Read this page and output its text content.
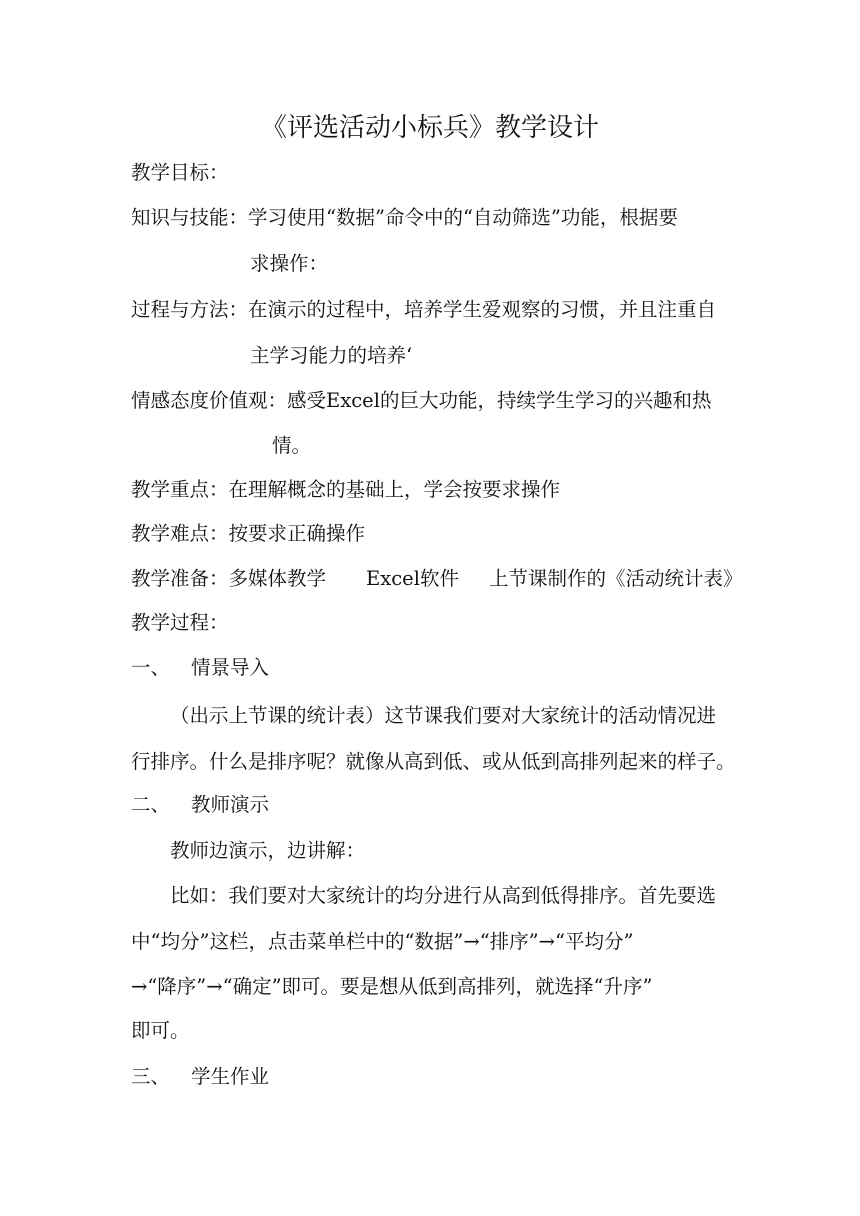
《评选活动小标兵》教学设计
教学目标：
知识与技能：学习使用“数据”命令中的“自动筛选”功能，根据要
求操作：
过程与方法：在演示的过程中，培养学生爱观察的习惯，并且注重自
主学习能力的培养‘
情感态度价值观：感受Excel的巨大功能，持续学生学习的兴趣和热
情。
教学重点：在理解概念的基础上，学会按要求操作
教学难点：按要求正确操作
教学准备：多媒体教学 Excel软件 上节课制作的《活动统计表》
教学过程：
一、 情景导入
（出示上节课的统计表）这节课我们要对大家统计的活动情况进
行排序。什么是排序呢？就像从高到低、或从低到高排列起来的样子。
二、 教师演示
教师边演示，边讲解：
比如：我们要对大家统计的均分进行从高到低得排序。首先要选
中“均分”这栏，点击菜单栏中的“数据”→“排序”→“平均分”
→“降序”→“确定”即可。要是想从低到高排列，就选择“升序”
即可。
三、 学生作业
